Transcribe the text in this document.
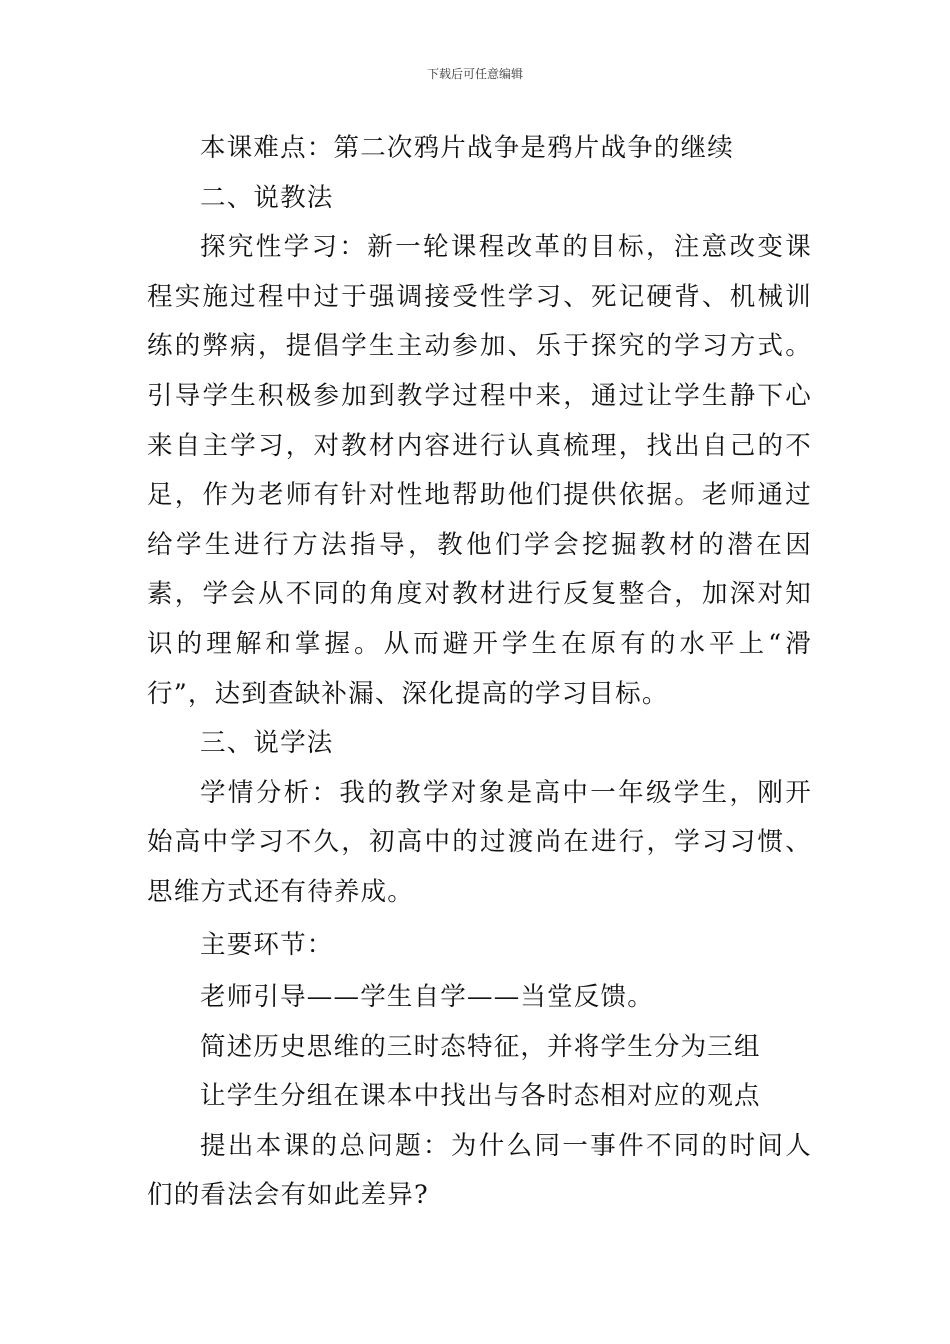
下载后可任意编辑

本课难点：第二次鸦片战争是鸦片战争的继续

二、说教法

探究性学习：新一轮课程改革的目标，注意改变课程实施过程中过于强调接受性学习、死记硬背、机械训练的弊病，提倡学生主动参加、乐于探究的学习方式。引导学生积极参加到教学过程中来，通过让学生静下心来自主学习，对教材内容进行认真梳理，找出自己的不足，作为老师有针对性地帮助他们提供依据。老师通过给学生进行方法指导，教他们学会挖掘教材的潜在因素，学会从不同的角度对教材进行反复整合，加深对知识的理解和掌握。从而避开学生在原有的水平上“滑行”，达到查缺补漏、深化提高的学习目标。

三、说学法

学情分析：我的教学对象是高中一年级学生，刚开始高中学习不久，初高中的过渡尚在进行，学习习惯、思维方式还有待养成。

主要环节：

老师引导——学生自学——当堂反馈。

简述历史思维的三时态特征，并将学生分为三组

让学生分组在课本中找出与各时态相对应的观点

提出本课的总问题：为什么同一事件不同的时间人们的看法会有如此差异?
